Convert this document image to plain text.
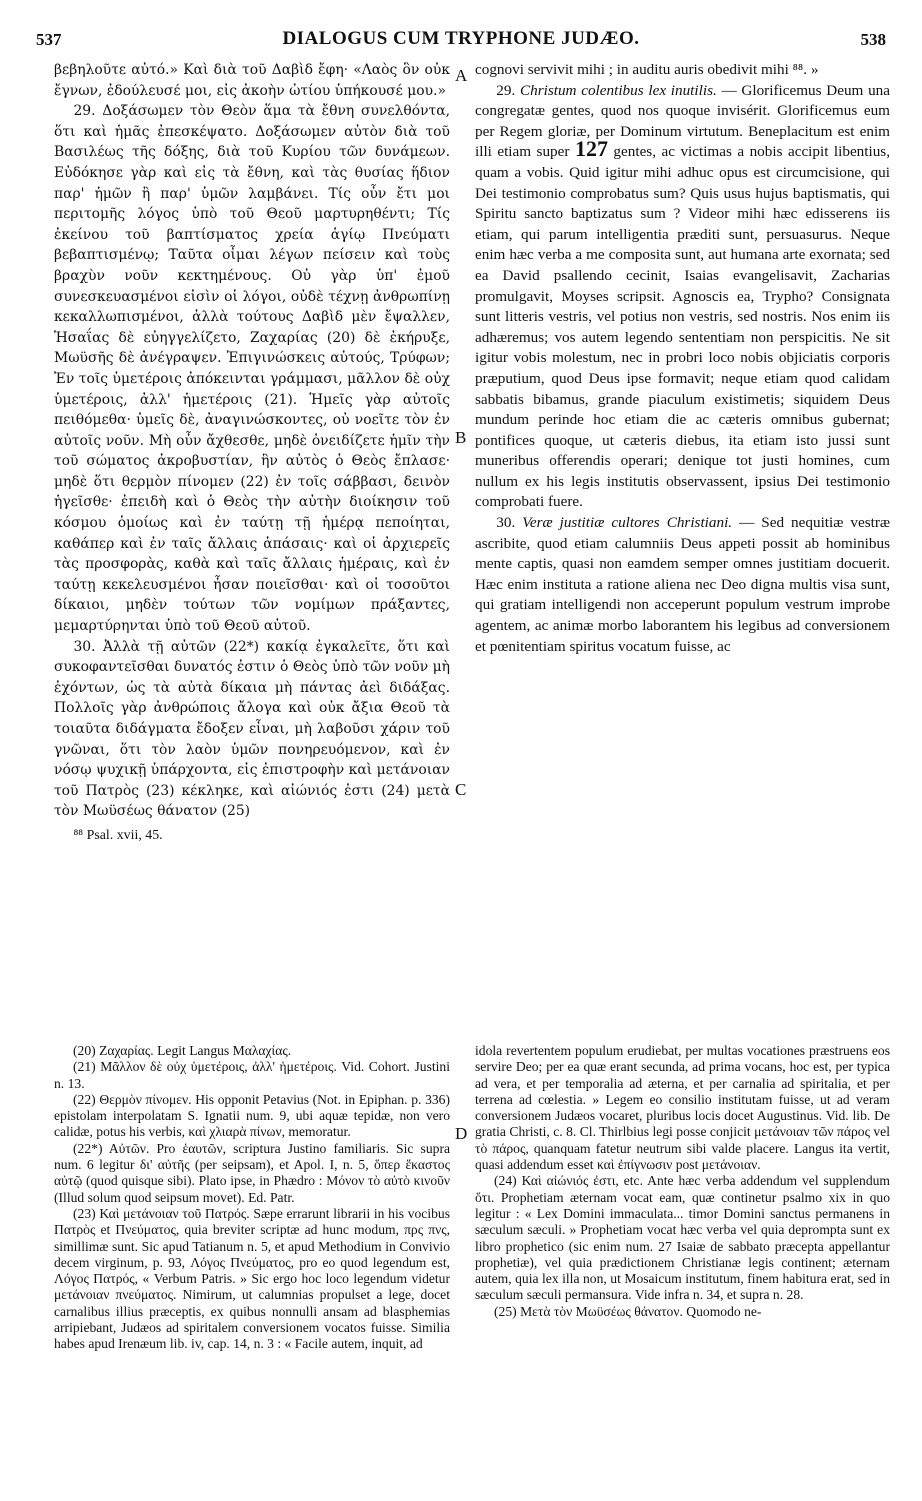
537	DIALOGUS CUM TRYPHONE JUDÆO.	538
A
B
C
D

βεβηλοῦτε αὐτό.» Καὶ διὰ τοῦ Δαβὶδ ἔφη· «Λαὸς ὃν οὐκ ἔγνων, ἐδούλευσέ μοι, εἰς ἀκοὴν ὠτίου ὑπήκουσέ μου.»

29. Δοξάσωμεν τὸν Θεὸν ἅμα τὰ ἔθνη συνελθόντα, ὅτι καὶ ἡμᾶς ἐπεσκέψατο. Δοξάσωμεν αὐτὸν διὰ τοῦ Βασιλέως τῆς δόξης, διὰ τοῦ Κυρίου τῶν δυνάμεων. Εὐδόκησε γὰρ καὶ εἰς τὰ ἔθνη, καὶ τὰς θυσίας ἥδιον παρ' ἡμῶν ἢ παρ' ὑμῶν λαμβάνει. Τίς οὖν ἔτι μοι περιτομῆς λόγος ὑπὸ τοῦ Θεοῦ μαρτυρηθέντι; Τίς ἐκείνου τοῦ βαπτίσματος χρεία ἁγίῳ Πνεύματι βεβαπτισμένῳ; Ταῦτα οἶμαι λέγων πείσειν καὶ τοὺς βραχὺν νοῦν κεκτημένους. Οὐ γὰρ ὑπ' ἐμοῦ συνεσκευασμένοι εἰσὶν οἱ λόγοι, οὐδὲ τέχνῃ ἀνθρωπίνῃ κεκαλλωπισμένοι, ἀλλὰ τούτους Δαβὶδ μὲν ἔψαλλεν, Ἡσαΐας δὲ εὐηγγελίζετο, Ζαχαρίας (20) δὲ ἐκήρυξε, Μωϋσῆς δὲ ἀνέγραψεν. Ἐπιγινώσκεις αὐτούς, Τρύφων; Ἐν τοῖς ὑμετέροις ἀπόκεινται γράμμασι, μᾶλλον δὲ οὐχ ὑμετέροις, ἀλλ' ἡμετέροις (21). Ἡμεῖς γὰρ αὐτοῖς πειθόμεθα· ὑμεῖς δὲ, ἀναγινώσκοντες, οὐ νοεῖτε τὸν ἐν αὐτοῖς νοῦν. Μὴ οὖν ἄχθεσθε, μηδὲ ὀνειδίζετε ἡμῖν τὴν τοῦ σώματος ἀκροβυστίαν, ἣν αὐτὸς ὁ Θεὸς ἔπλασε· μηδὲ ὅτι θερμὸν πίνομεν (22) ἐν τοῖς σάββασι, δεινὸν ἡγεῖσθε· ἐπειδὴ καὶ ὁ Θεὸς τὴν αὐτὴν διοίκησιν τοῦ κόσμου ὁμοίως καὶ ἐν ταύτῃ τῇ ἡμέρᾳ πεποίηται, καθάπερ καὶ ἐν ταῖς ἄλλαις ἁπάσαις· καὶ οἱ ἀρχιερεῖς τὰς προσφορὰς, καθὰ καὶ ταῖς ἄλλαις ἡμέραις, καὶ ἐν ταύτῃ κεκελευσμένοι ἦσαν ποιεῖσθαι· καὶ οἱ τοσοῦτοι δίκαιοι, μηδὲν τούτων τῶν νομίμων πράξαντες, μεμαρτύρηνται ὑπὸ τοῦ Θεοῦ αὐτοῦ.

30. Ἀλλὰ τῇ αὐτῶν (22*) κακίᾳ ἐγκαλεῖτε, ὅτι καὶ συκοφαντεῖσθαι δυνατός ἐστιν ὁ Θεὸς ὑπὸ τῶν νοῦν μὴ ἐχόντων, ὡς τὰ αὐτὰ δίκαια μὴ πάντας ἀεὶ διδάξας. Πολλοῖς γὰρ ἀνθρώποις ἄλογα καὶ οὐκ ἄξια Θεοῦ τὰ τοιαῦτα διδάγματα ἔδοξεν εἶναι, μὴ λαβοῦσι χάριν τοῦ γνῶναι, ὅτι τὸν λαὸν ὑμῶν πονηρευόμενον, καὶ ἐν νόσῳ ψυχικῇ ὑπάρχοντα, εἰς ἐπιστροφὴν καὶ μετάνοιαν τοῦ Πατρὸς (23) κέκληκε, καὶ αἰώνιός ἐστι (24) μετὰ τὸν Μωϋσέως θάνατον (25)

⁸⁸ Psal. xvii, 45.

cognovi servivit mihi ; in auditu auris obedivit mihi ⁸⁸. »

29. Christum colentibus lex inutilis. — Glorificemus Deum una congregatæ gentes, quod nos quoque invisérit. Glorificemus eum per Regem gloriæ, per Dominum virtutum. Beneplacitum est enim illi etiam super 127 gentes, ac victimas a nobis accipit libentius, quam a vobis. Quid igitur mihi adhuc opus est circumcisione, qui Dei testimonio comprobatus sum? Quis usus hujus baptismatis, qui Spiritu sancto baptizatus sum ? Videor mihi hæc edisserens iis etiam, qui parum intelligentia præditi sunt, persuasurus. Neque enim hæc verba a me composita sunt, aut humana arte exornata; sed ea David psallendo cecinit, Isaias evangelisavit, Zacharias promulgavit, Moyses scripsit. Agnoscis ea, Trypho? Consignata sunt litteris vestris, vel potius non vestris, sed nostris. Nos enim iis adhæremus; vos autem legendo sententiam non perspicitis. Ne sit igitur vobis molestum, nec in probri loco nobis objiciatis corporis præputium, quod Deus ipse formavit; neque etiam quod calidam sabbatis bibamus, grande piaculum existimetis; siquidem Deus mundum perinde hoc etiam die ac cæteris omnibus gubernat; pontifices quoque, ut cæteris diebus, ita etiam isto jussi sunt muneribus offerendis operari; denique tot justi homines, cum nullum ex his legis institutis observassent, ipsius Dei testimonio comprobati fuere.

30. Veræ justitiæ cultores Christiani. — Sed nequitiæ vestræ ascribite, quod etiam calumniis Deus appeti possit ab hominibus mente captis, quasi non eamdem semper omnes justitiam docuerit. Hæc enim instituta a ratione aliena nec Deo digna multis visa sunt, qui gratiam intelligendi non acceperunt populum vestrum improbe agentem, ac animæ morbo laborantem his legibus ad conversionem et pœnitentiam spiritus vocatum fuisse, ac

(20) Ζαχαρίας. Legit Langus Μαλαχίας.

(21) Μᾶλλον δὲ οὐχ ὑμετέροις, ἀλλ' ἡμετέροις. Vid. Cohort. Justini n. 13.

(22) Θερμὸν πίνομεν. His opponit Petavius (Not. in Epiphan. p. 336) epistolam interpolatam S. Ignatii num. 9, ubi aquæ tepidæ, non vero calidæ, potus his verbis, καὶ χλιαρὰ πίνων, memoratur.

(22*) Αὐτῶν. Pro ἑαυτῶν, scriptura Justino familiaris. Sic supra num. 6 legitur δι' αὐτῆς (per seipsam), et Apol. I, n. 5, ὅπερ ἕκαστος αὐτῷ (quod quisque sibi). Plato ipse, in Phædro : Μόνον τὸ αὐτὸ κινοῦν (Illud solum quod seipsum movet). Ed. Patr.

(23) Καὶ μετάνοιαν τοῦ Πατρός. Sæpe errarunt librarii in his vocibus Πατρὸς et Πνεύματος, quia breviter scriptæ ad hunc modum, πρς πνς, simillimæ sunt. Sic apud Tatianum n. 5, et apud Methodium in Convivio decem virginum, p. 93, Λόγος Πνεύματος, pro eo quod legendum est, Λόγος Πατρός, « Verbum Patris. » Sic ergo hoc loco legendum videtur μετάνοιαν πνεύματος. Nimirum, ut calumnias propulset a lege, docet carnalibus illius præceptis, ex quibus nonnulli ansam ad blasphemias arripiebant, Judæos ad spiritalem conversionem vocatos fuisse. Similia habes apud Irenæum lib. iv, cap. 14, n. 3 : « Facile autem, inquit, ad

idola revertentem populum erudiebat, per multas vocationes præstruens eos servire Deo; per ea quæ erant secunda, ad prima vocans, hoc est, per typica ad vera, et per temporalia ad æterna, et per carnalia ad spiritalia, et per terrena ad cœlestia. » Legem eo consilio institutam fuisse, ut ad veram conversionem Judæos vocaret, pluribus locis docet Augustinus. Vid. lib. De gratia Christi, c. 8. Cl. Thirlbius legi posse conjicit μετάνοιαν τῶν πάρος vel τὸ πάρος, quanquam fatetur neutrum sibi valde placere. Langus ita vertit, quasi addendum esset καὶ ἐπίγνωσιν post μετάνοιαν.

(24) Καὶ αἰώνιός ἐστι, etc. Ante hæc verba addendum vel supplendum ὅτι. Prophetiam æternam vocat eam, quæ continetur psalmo xix in quo legitur : « Lex Domini immaculata... timor Domini sanctus permanens in sæculum sæculi. » Prophetiam vocat hæc verba vel quia deprompta sunt ex libro prophetico (sic enim num. 27 Isaiæ de sabbato præcepta appellantur prophetiæ), vel quia prædictionem Christianæ legis continent; æternam autem, quia lex illa non, ut Mosaicum institutum, finem habitura erat, sed in sæculum sæculi permansura. Vide infra n. 34, et supra n. 28.

(25) Μετὰ τὸν Μωϋσέως θάνατον. Quomodo ne-
